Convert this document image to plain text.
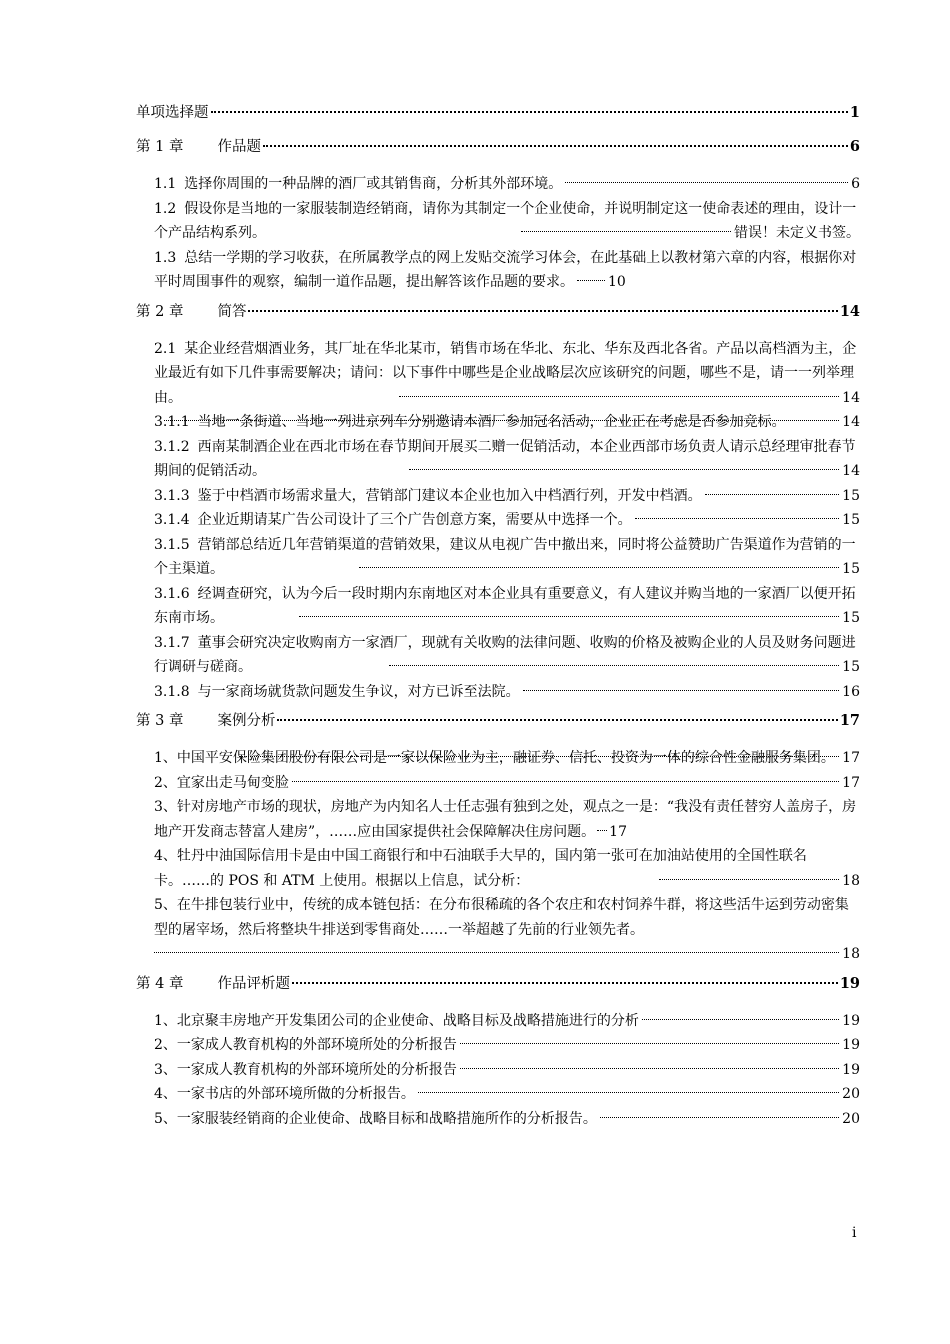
单项选择题	1
第 1 章 作品题	6
1.1 选择你周围的一种品牌的酒厂或其销售商，分析其外部环境。	6
1.2 假设你是当地的一家服装制造经销商，请你为其制定一个企业使命，并说明制定这一使命表述的理由，设计一个产品结构系列。	错误！未定义书签。
1.3 总结一学期的学习收获，在所属教学点的网上发贴交流学习体会，在此基础上以教材第六章的内容，根据你对平时周围事件的观察，编制一道作品题，提出解答该作品题的要求。 10
第 2 章 简答	14
2.1 某企业经营烟酒业务，其厂址在华北某市，销售市场在华北、东北、华东及西北各省。产品以高档酒为主，企业最近有如下几件事需要解决；请问：以下事件中哪些是企业战略层次应该研究的问题，哪些不是，请一一列举理由。	14
3.1.1 当地一条街道、当地一列进京列车分别邀请本酒厂参加冠名活动，企业正在考虑是否参加竞标。	14
3.1.2 西南某制酒企业在西北市场在春节期间开展买二赠一促销活动，本企业西部市场负责人请示总经理审批春节期间的促销活动。	14
3.1.3 鉴于中档酒市场需求量大，营销部门建议本企业也加入中档酒行列，开发中档酒。	15
3.1.4 企业近期请某广告公司设计了三个广告创意方案，需要从中选择一个。	15
3.1.5 营销部总结近几年营销渠道的营销效果，建议从电视广告中撤出来，同时将公益赞助广告渠道作为营销的一个主渠道。	15
3.1.6 经调查研究，认为今后一段时期内东南地区对本企业具有重要意义，有人建议并购当地的一家酒厂以便开拓东南市场。	15
3.1.7 董事会研究决定收购南方一家酒厂，现就有关收购的法律问题、收购的价格及被购企业的人员及财务问题进行调研与磋商。	15
3.1.8 与一家商场就货款问题发生争议，对方已诉至法院。	16
第 3 章 案例分析	17
1、中国平安保险集团股份有限公司是一家以保险业为主，融证券、信托、投资为一体的综合性金融服务集团。 17
2、宜家出走马甸变脸	17
3、针对房地产市场的现状，房地产为内知名人士任志强有独到之处，观点之一是：“我没有责任替穷人盖房子，房地产开发商志替富人建房”，……应由国家提供社会保障解决住房问题。 17
4、牡丹中油国际信用卡是由中国工商银行和中石油联手大早的，国内第一张可在加油站使用的全国性联名卡。……的 POS 和 ATM 上使用。根据以上信息，试分析：	18
5、在牛排包装行业中，传统的成本链包括：在分布很稀疏的各个农庄和农村饲养牛群，将这些活牛运到劳动密集型的屠宰场，然后将整块牛排送到零售商处……一举超越了先前的行业领先者。
18
第 4 章 作品评析题	19
1、北京聚丰房地产开发集团公司的企业使命、战略目标及战略措施进行的分析	19
2、一家成人教育机构的外部环境所处的分析报告	19
3、一家成人教育机构的外部环境所处的分析报告	19
4、一家书店的外部环境所做的分析报告。	20
5、一家服装经销商的企业使命、战略目标和战略措施所作的分析报告。	20
i
